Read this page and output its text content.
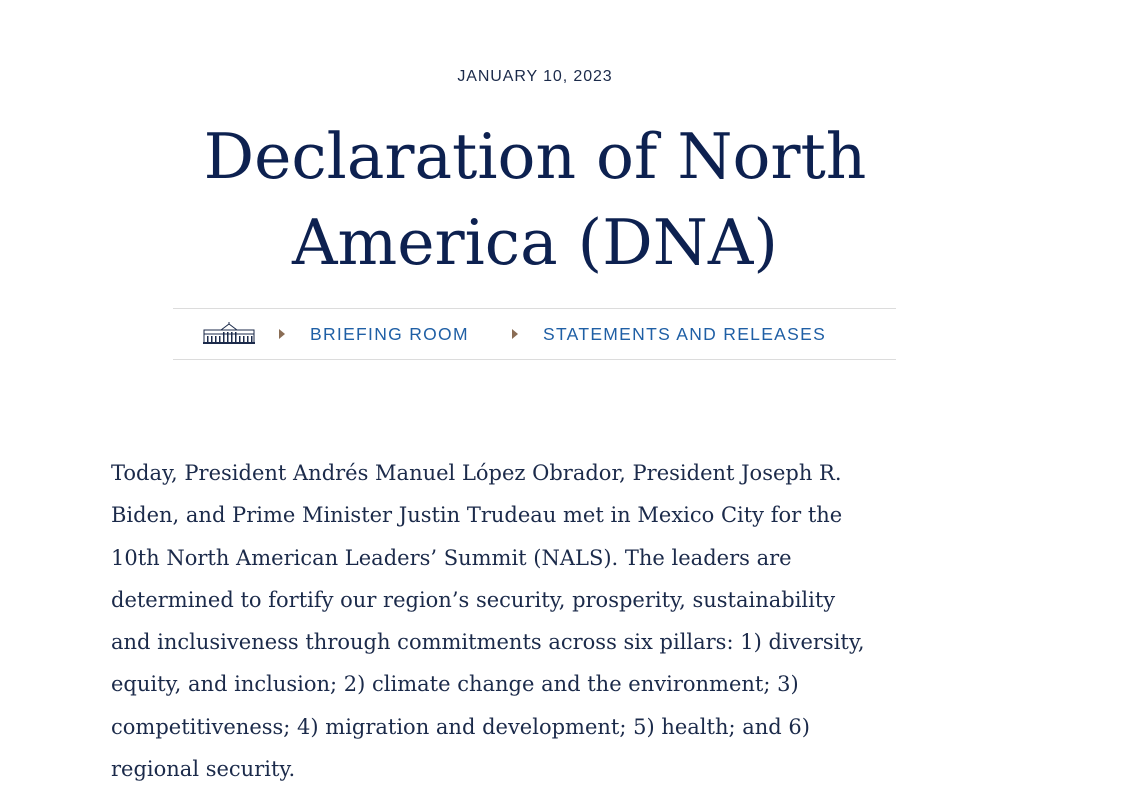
JANUARY 10, 2023
Declaration of North
America (DNA)
BRIEFING ROOM	STATEMENTS AND RELEASES

Today, President Andrés Manuel López Obrador, President Joseph R.
Biden, and Prime Minister Justin Trudeau met in Mexico City for the
10th North American Leaders’ Summit (NALS). The leaders are
determined to fortify our region’s security, prosperity, sustainability
and inclusiveness through commitments across six pillars: 1) diversity,
equity, and inclusion; 2) climate change and the environment; 3)
competitiveness; 4) migration and development; 5) health; and 6)
regional security.
